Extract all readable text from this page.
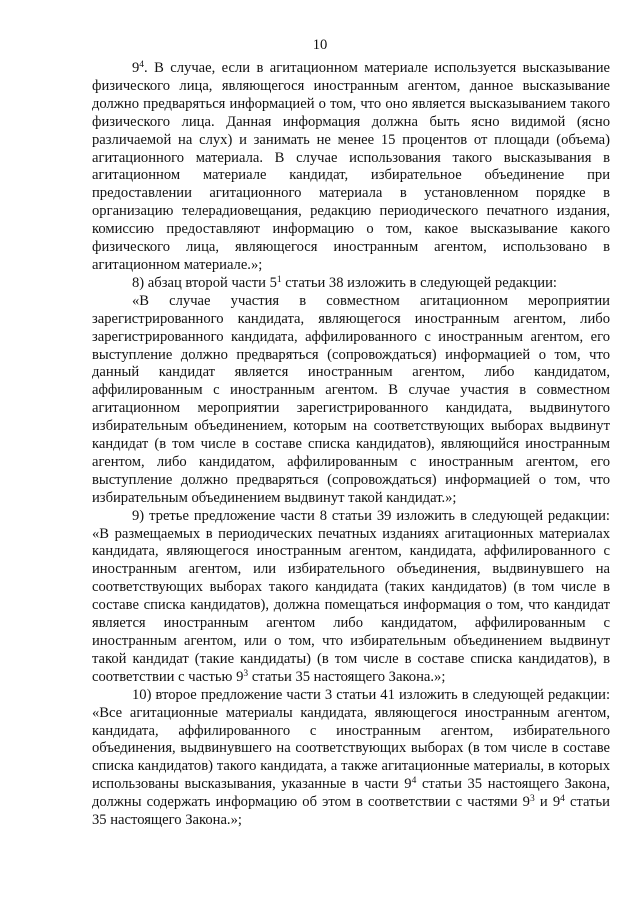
10

$9^4$. В случае, если в агитационном материале используется высказывание физического лица, являющегося иностранным агентом, данное высказывание должно предваряться информацией о том, что оно является высказыванием такого физического лица. Данная информация должна быть ясно видимой (ясно различаемой на слух) и занимать не менее 15 процентов от площади (объема) агитационного материала. В случае использования такого высказывания в агитационном материале кандидат, избирательное объединение при предоставлении агитационного материала в установленном порядке в организацию телерадиовещания, редакцию периодического печатного издания, комиссию предоставляют информацию о том, какое высказывание какого физического лица, являющегося иностранным агентом, использовано в агитационном материале.»;

8) абзац второй части $5^1$ статьи 38 изложить в следующей редакции:

«В случае участия в совместном агитационном мероприятии зарегистрированного кандидата, являющегося иностранным агентом, либо зарегистрированного кандидата, аффилированного с иностранным агентом, его выступление должно предваряться (сопровождаться) информацией о том, что данный кандидат является иностранным агентом, либо кандидатом, аффилированным с иностранным агентом. В случае участия в совместном агитационном мероприятии зарегистрированного кандидата, выдвинутого избирательным объединением, которым на соответствующих выборах выдвинут кандидат (в том числе в составе списка кандидатов), являющийся иностранным агентом, либо кандидатом, аффилированным с иностранным агентом, его выступление должно предваряться (сопровождаться) информацией о том, что избирательным объединением выдвинут такой кандидат.»;

9) третье предложение части 8 статьи 39 изложить в следующей редакции: «В размещаемых в периодических печатных изданиях агитационных материалах кандидата, являющегося иностранным агентом, кандидата, аффилированного с иностранным агентом, или избирательного объединения, выдвинувшего на соответствующих выборах такого кандидата (таких кандидатов) (в том числе в составе списка кандидатов), должна помещаться информация о том, что кандидат является иностранным агентом либо кандидатом, аффилированным с иностранным агентом, или о том, что избирательным объединением выдвинут такой кандидат (такие кандидаты) (в том числе в составе списка кандидатов), в соответствии с частью $9^3$ статьи 35 настоящего Закона.»;

10) второе предложение части 3 статьи 41 изложить в следующей редакции: «Все агитационные материалы кандидата, являющегося иностранным агентом, кандидата, аффилированного с иностранным агентом, избирательного объединения, выдвинувшего на соответствующих выборах (в том числе в составе списка кандидатов) такого кандидата, а также агитационные материалы, в которых использованы высказывания, указанные в части $9^4$ статьи 35 настоящего Закона, должны содержать информацию об этом в соответствии с частями $9^3$ и $9^4$ статьи 35 настоящего Закона.»;
